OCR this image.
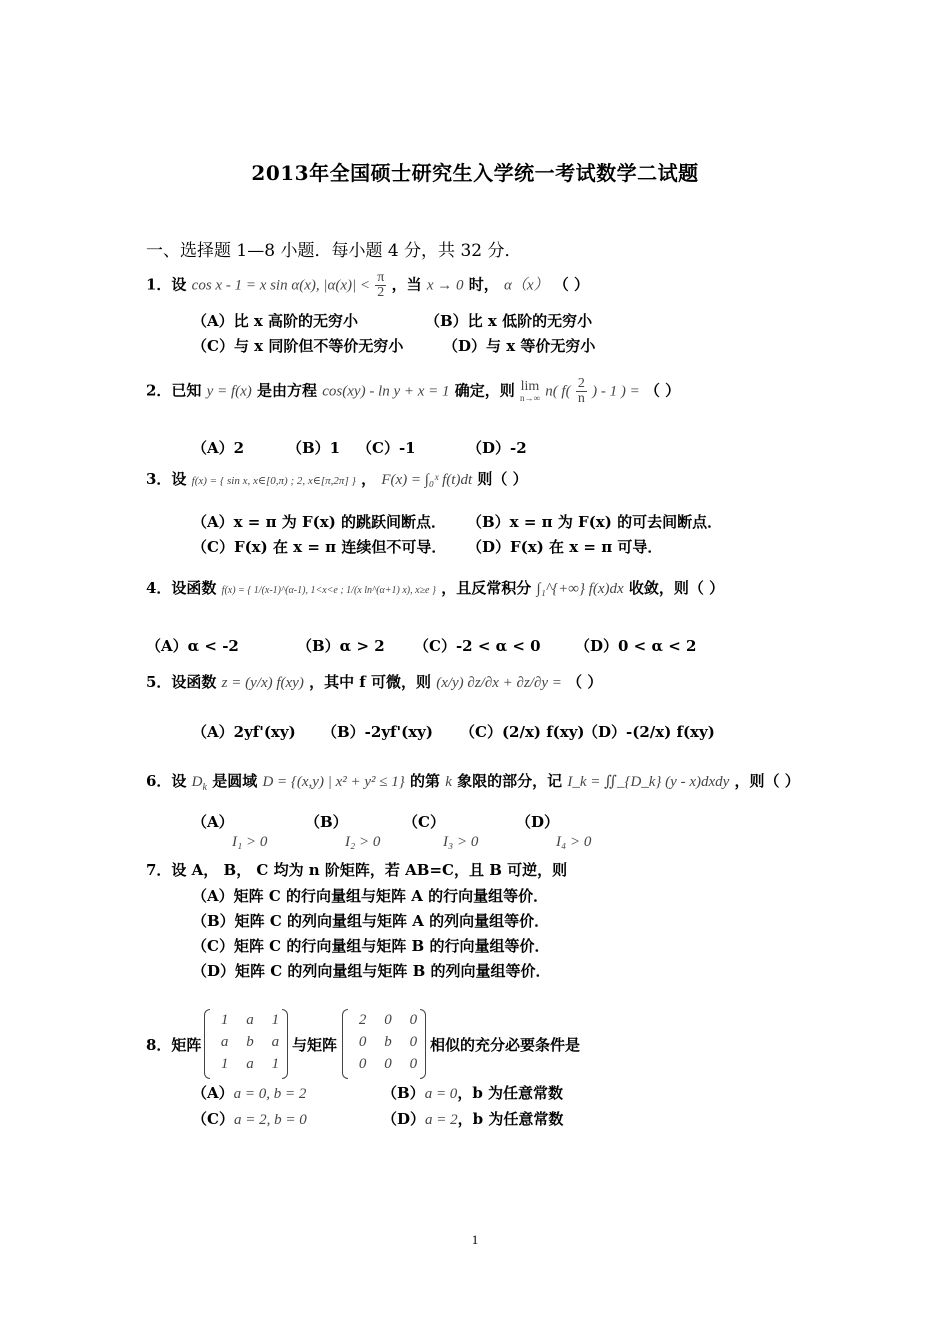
2013年全国硕士研究生入学统一考试数学二试题
一、选择题 1—8 小题．每小题 4 分，共 32 分．
1．设 cos x - 1 = x sin α(x), $|\alpha(x)| < \frac{\pi}{2}$ ，当 x → 0 时， α（x） （ ）
（A）比 x 高阶的无穷小	（B）比 x 低阶的无穷小
（C）与 x 同阶但不等价无穷小	（D）与 x 等价无穷小
2．已知 y = f(x) 是由方程 cos(xy) - ln y + x = 1 确定，则 lim
n→∞ n( $f( \frac{2}{n}$ ) - 1 ) = （ ）
（A）2	（B）1 （C）-1	（D）-2
3．设 f(x) = { sin x, x∈[0,π) ; 2, x∈[π,2π] } ， F(x) = ∫₀ˣ f(t)dt 则（ ）
（A）x = π 为 F(x) 的跳跃间断点． （B）x = π 为 F(x) 的可去间断点．
（C）F(x) 在 x = π 连续但不可导． （D）F(x) 在 x = π 可导．
4．设函数 f(x) = { 1/(x-1)^(α-1), 1<x<e ; 1/(x ln^(α+1) x), x≥e } ，且反常积分 ∫₁^{+∞} f(x)dx 收敛，则（ ）
（A）α < -2	（B）α > 2 （C）-2 < α < 0 （D）0 < α < 2
5．设函数 z = (y/x) f(xy) ，其中 f 可微，则 (x/y) ∂z/∂x + ∂z/∂y = （ ）
（A）2yf'(xy) （B）-2yf'(xy) （C）(2/x) f(xy)
（D）-(2/x) f(xy)
6．设 $D_k$ 是圆域 D = {(x,y) | x² + y² ≤ 1} 的第 k 象限的部分，记 I_k = ∬_{D_k} (y - x)dxdy ，则（ ）
（A）
I₁ > 0
（B）
I₂ > 0
（C）
I₃ > 0
（D）
I₄ > 0
7．设 A， B， C 均为 n 阶矩阵，若 AB=C，且 B 可逆，则
（A）矩阵 C 的行向量组与矩阵 A 的行向量组等价．
（B）矩阵 C 的列向量组与矩阵 A 的列向量组等价．
（C）矩阵 C 的行向量组与矩阵 B 的行向量组等价．
（D）矩阵 C 的列向量组与矩阵 B 的列向量组等价．
8．矩阵
1	a	1
a	b	a
1	a	1
与矩阵
2	0	0
0	b	0
0	0	0
相似的充分必要条件是
（A）a = 0, b = 2	（B）a = 0，b 为任意常数
（C）a = 2, b = 0	（D）a = 2，b 为任意常数
1
